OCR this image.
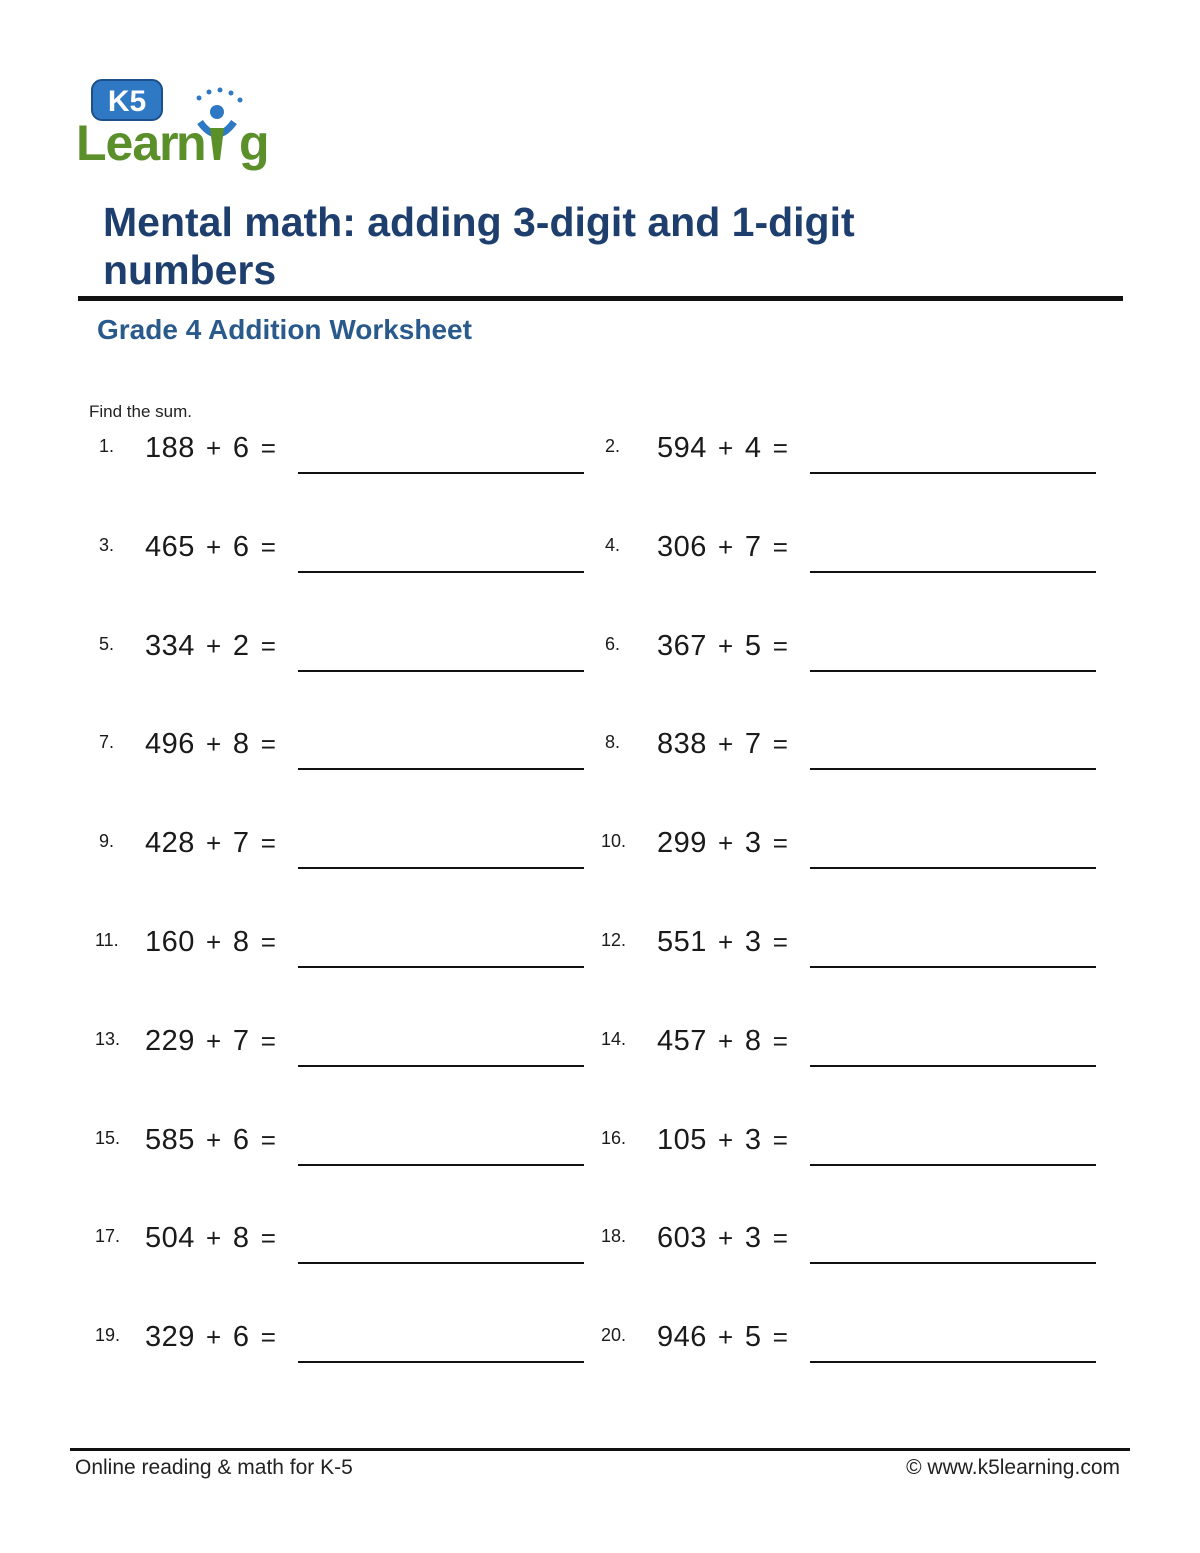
K5
Lear
n g
Mental math: adding 3-digit and 1-digit numbers
Grade 4 Addition Worksheet
Find the sum.
1. 188 + 6 =	2. 594 + 4 =
3. 465 + 6 =	4. 306 + 7 =
5. 334 + 2 =	6. 367 + 5 =
7. 496 + 8 =	8. 838 + 7 =
9. 428 + 7 =	10. 299 + 3 =
11. 160 + 8 =	12. 551 + 3 =
13. 229 + 7 =	14. 457 + 8 =
15. 585 + 6 =	16. 105 + 3 =
17. 504 + 8 =	18. 603 + 3 =
19. 329 + 6 =	20. 946 + 5 =
Online reading & math for K-5	© www.k5learning.com
